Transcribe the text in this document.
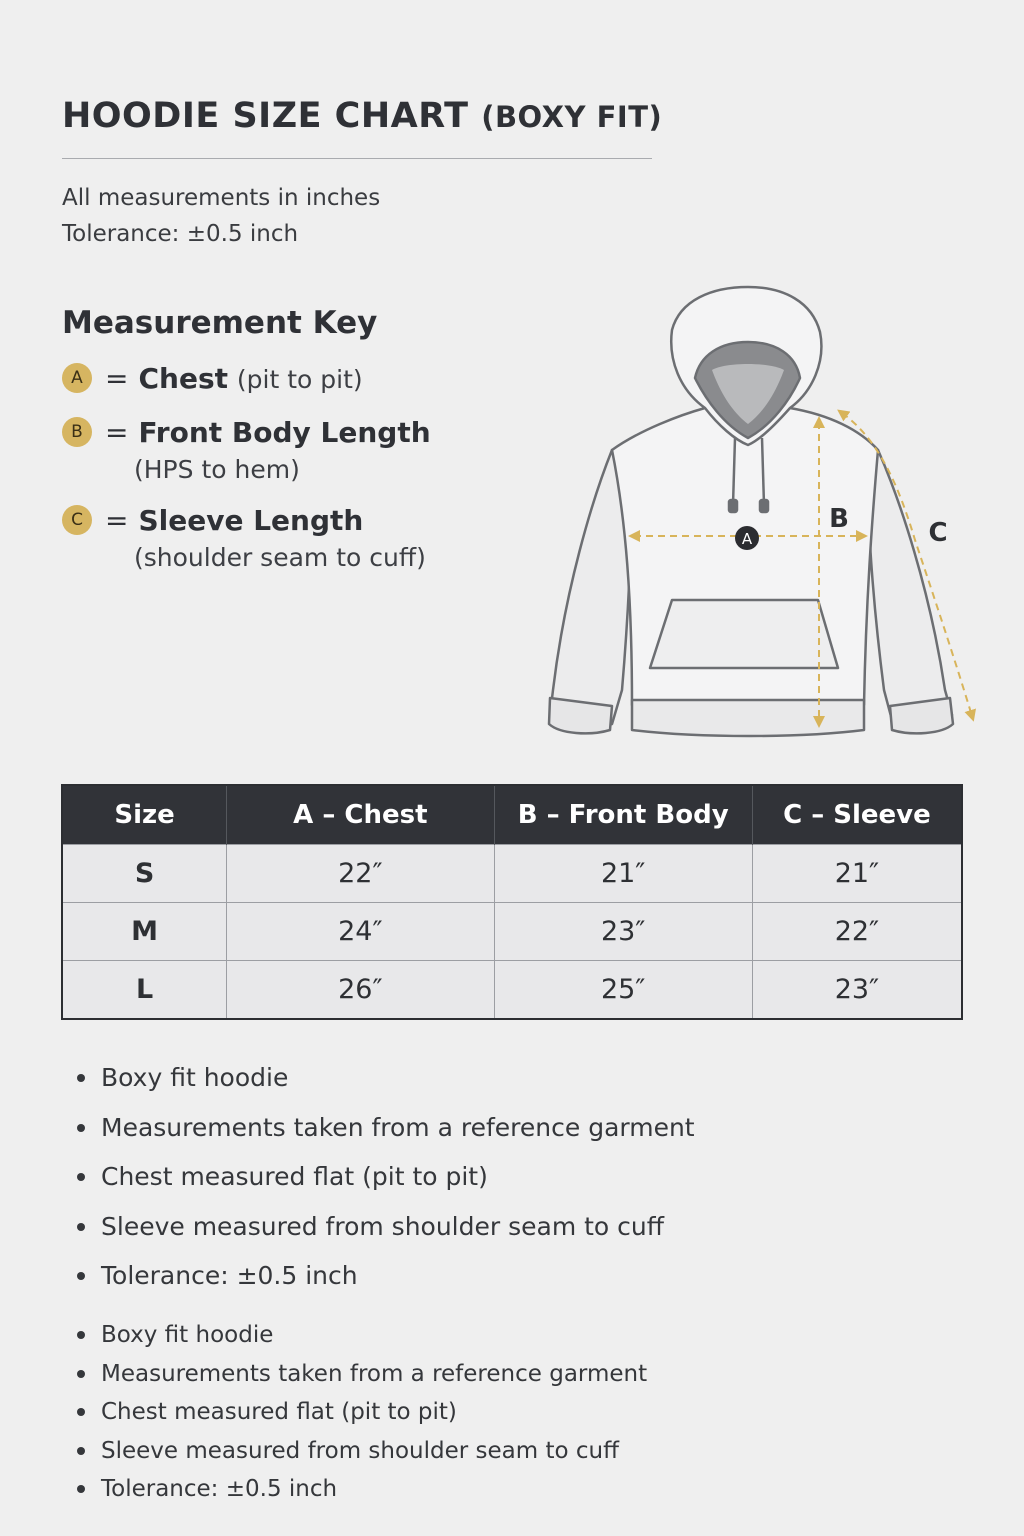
HOODIE SIZE CHART (BOXY FIT)
All measurements in inches
Tolerance: ±0.5 inch
Measurement Key
A = Chest (pit to pit)
B = Front Body Length
(HPS to hem)
C = Sleeve Length
(shoulder seam to cuff)
A
B	C
Size	A – Chest	B – Front Body	C – Sleeve
S	22″	21″	21″
M	24″	23″	22″
L	26″	25″	23″
Boxy fit hoodie
Measurements taken from a reference garment
Chest measured flat (pit to pit)
Sleeve measured from shoulder seam to cuff
Tolerance: ±0.5 inch
Boxy fit hoodie
Measurements taken from a reference garment
Chest measured flat (pit to pit)
Sleeve measured from shoulder seam to cuff
Tolerance: ±0.5 inch
